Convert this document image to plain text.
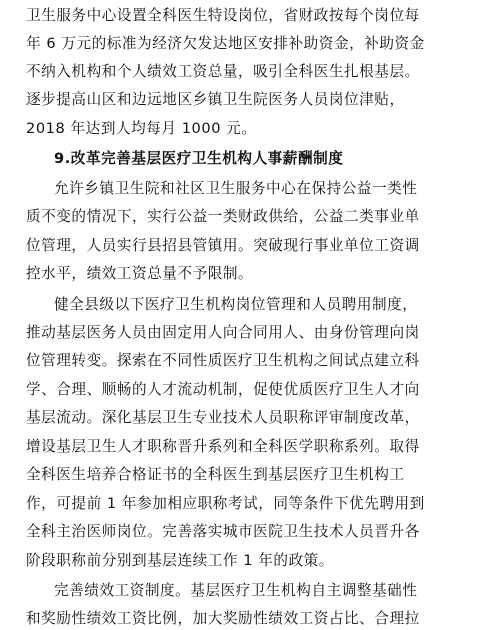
卫生服务中心设置全科医生特设岗位，省财政按每个岗位每
年 6 万元的标准为经济欠发达地区安排补助资金，补助资金
不纳入机构和个人绩效工资总量，吸引全科医生扎根基层。
逐步提高山区和边远地区乡镇卫生院医务人员岗位津贴，
2018 年达到人均每月 1000 元。
9.改革完善基层医疗卫生机构人事薪酬制度
允许乡镇卫生院和社区卫生服务中心在保持公益一类性
质不变的情况下，实行公益一类财政供给，公益二类事业单
位管理，人员实行县招县管镇用。突破现行事业单位工资调
控水平，绩效工资总量不予限制。
健全县级以下医疗卫生机构岗位管理和人员聘用制度，
推动基层医务人员由固定用人向合同用人、由身份管理向岗
位管理转变。探索在不同性质医疗卫生机构之间试点建立科
学、合理、顺畅的人才流动机制，促使优质医疗卫生人才向
基层流动。深化基层卫生专业技术人员职称评审制度改革，
增设基层卫生人才职称晋升系列和全科医学职称系列。取得
全科医生培养合格证书的全科医生到基层医疗卫生机构工
作，可提前 1 年参加相应职称考试，同等条件下优先聘用到
全科主治医师岗位。完善落实城市医院卫生技术人员晋升各
阶段职称前分别到基层连续工作 1 年的政策。
完善绩效工资制度。基层医疗卫生机构自主调整基础性
和奖励性绩效工资比例，加大奖励性绩效工资占比、合理拉
